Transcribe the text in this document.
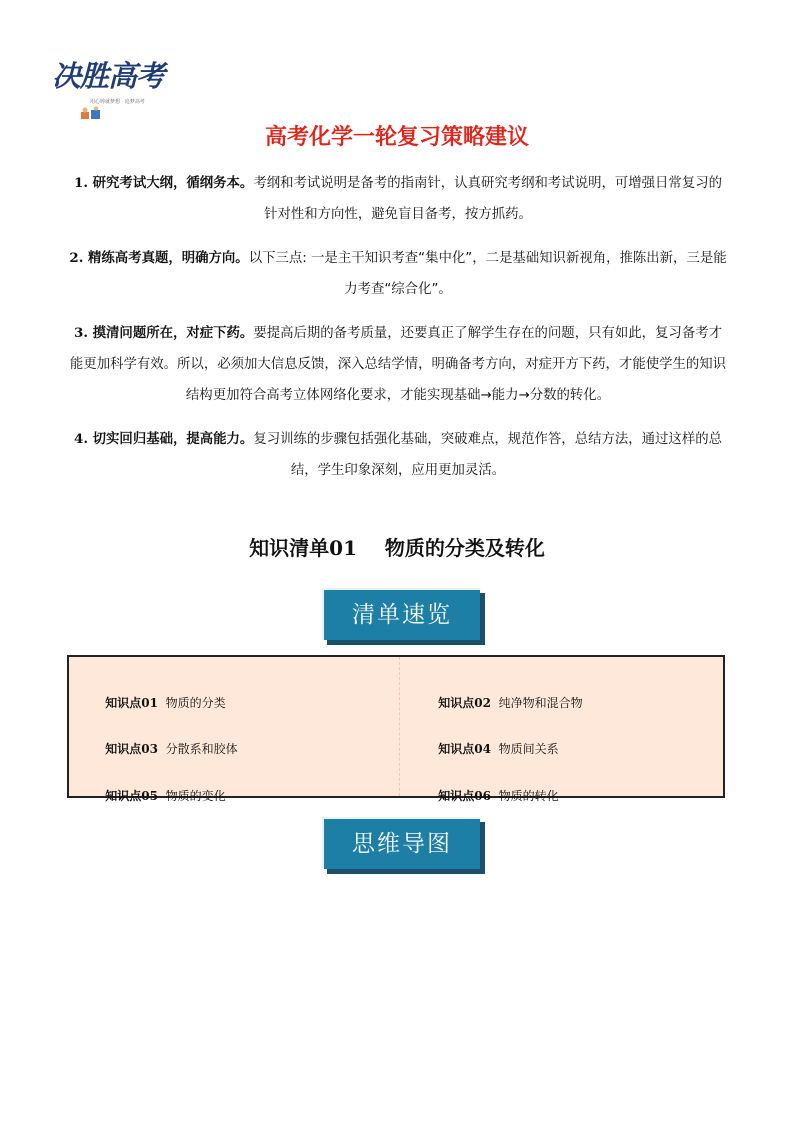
决胜高考
用心铸就梦想 · 追梦高考
高考化学一轮复习策略建议
1. 研究考试大纲，循纲务本。考纲和考试说明是备考的指南针，认真研究考纲和考试说明，可增强日常复习的针对性和方向性，避免盲目备考，按方抓药。
2. 精练高考真题，明确方向。以下三点: 一是主干知识考查“集中化”，二是基础知识新视角，推陈出新，三是能力考查“综合化”。
3. 摸清问题所在，对症下药。要提高后期的备考质量，还要真正了解学生存在的问题，只有如此，复习备考才能更加科学有效。所以，必须加大信息反馈，深入总结学情，明确备考方向，对症开方下药，才能使学生的知识结构更加符合高考立体网络化要求，才能实现基础→能力→分数的转化。
4. 切实回归基础，提高能力。复习训练的步骤包括强化基础，突破难点，规范作答，总结方法，通过这样的总结，学生印象深刻，应用更加灵活。
知识清单01    物质的分类及转化
清单速览

知识点01 物质的分类
	知识点02 纯净物和混合物

知识点03 分散系和胶体
	知识点04 物质间关系

知识点05 物质的变化
	知识点06 物质的转化

思维导图
